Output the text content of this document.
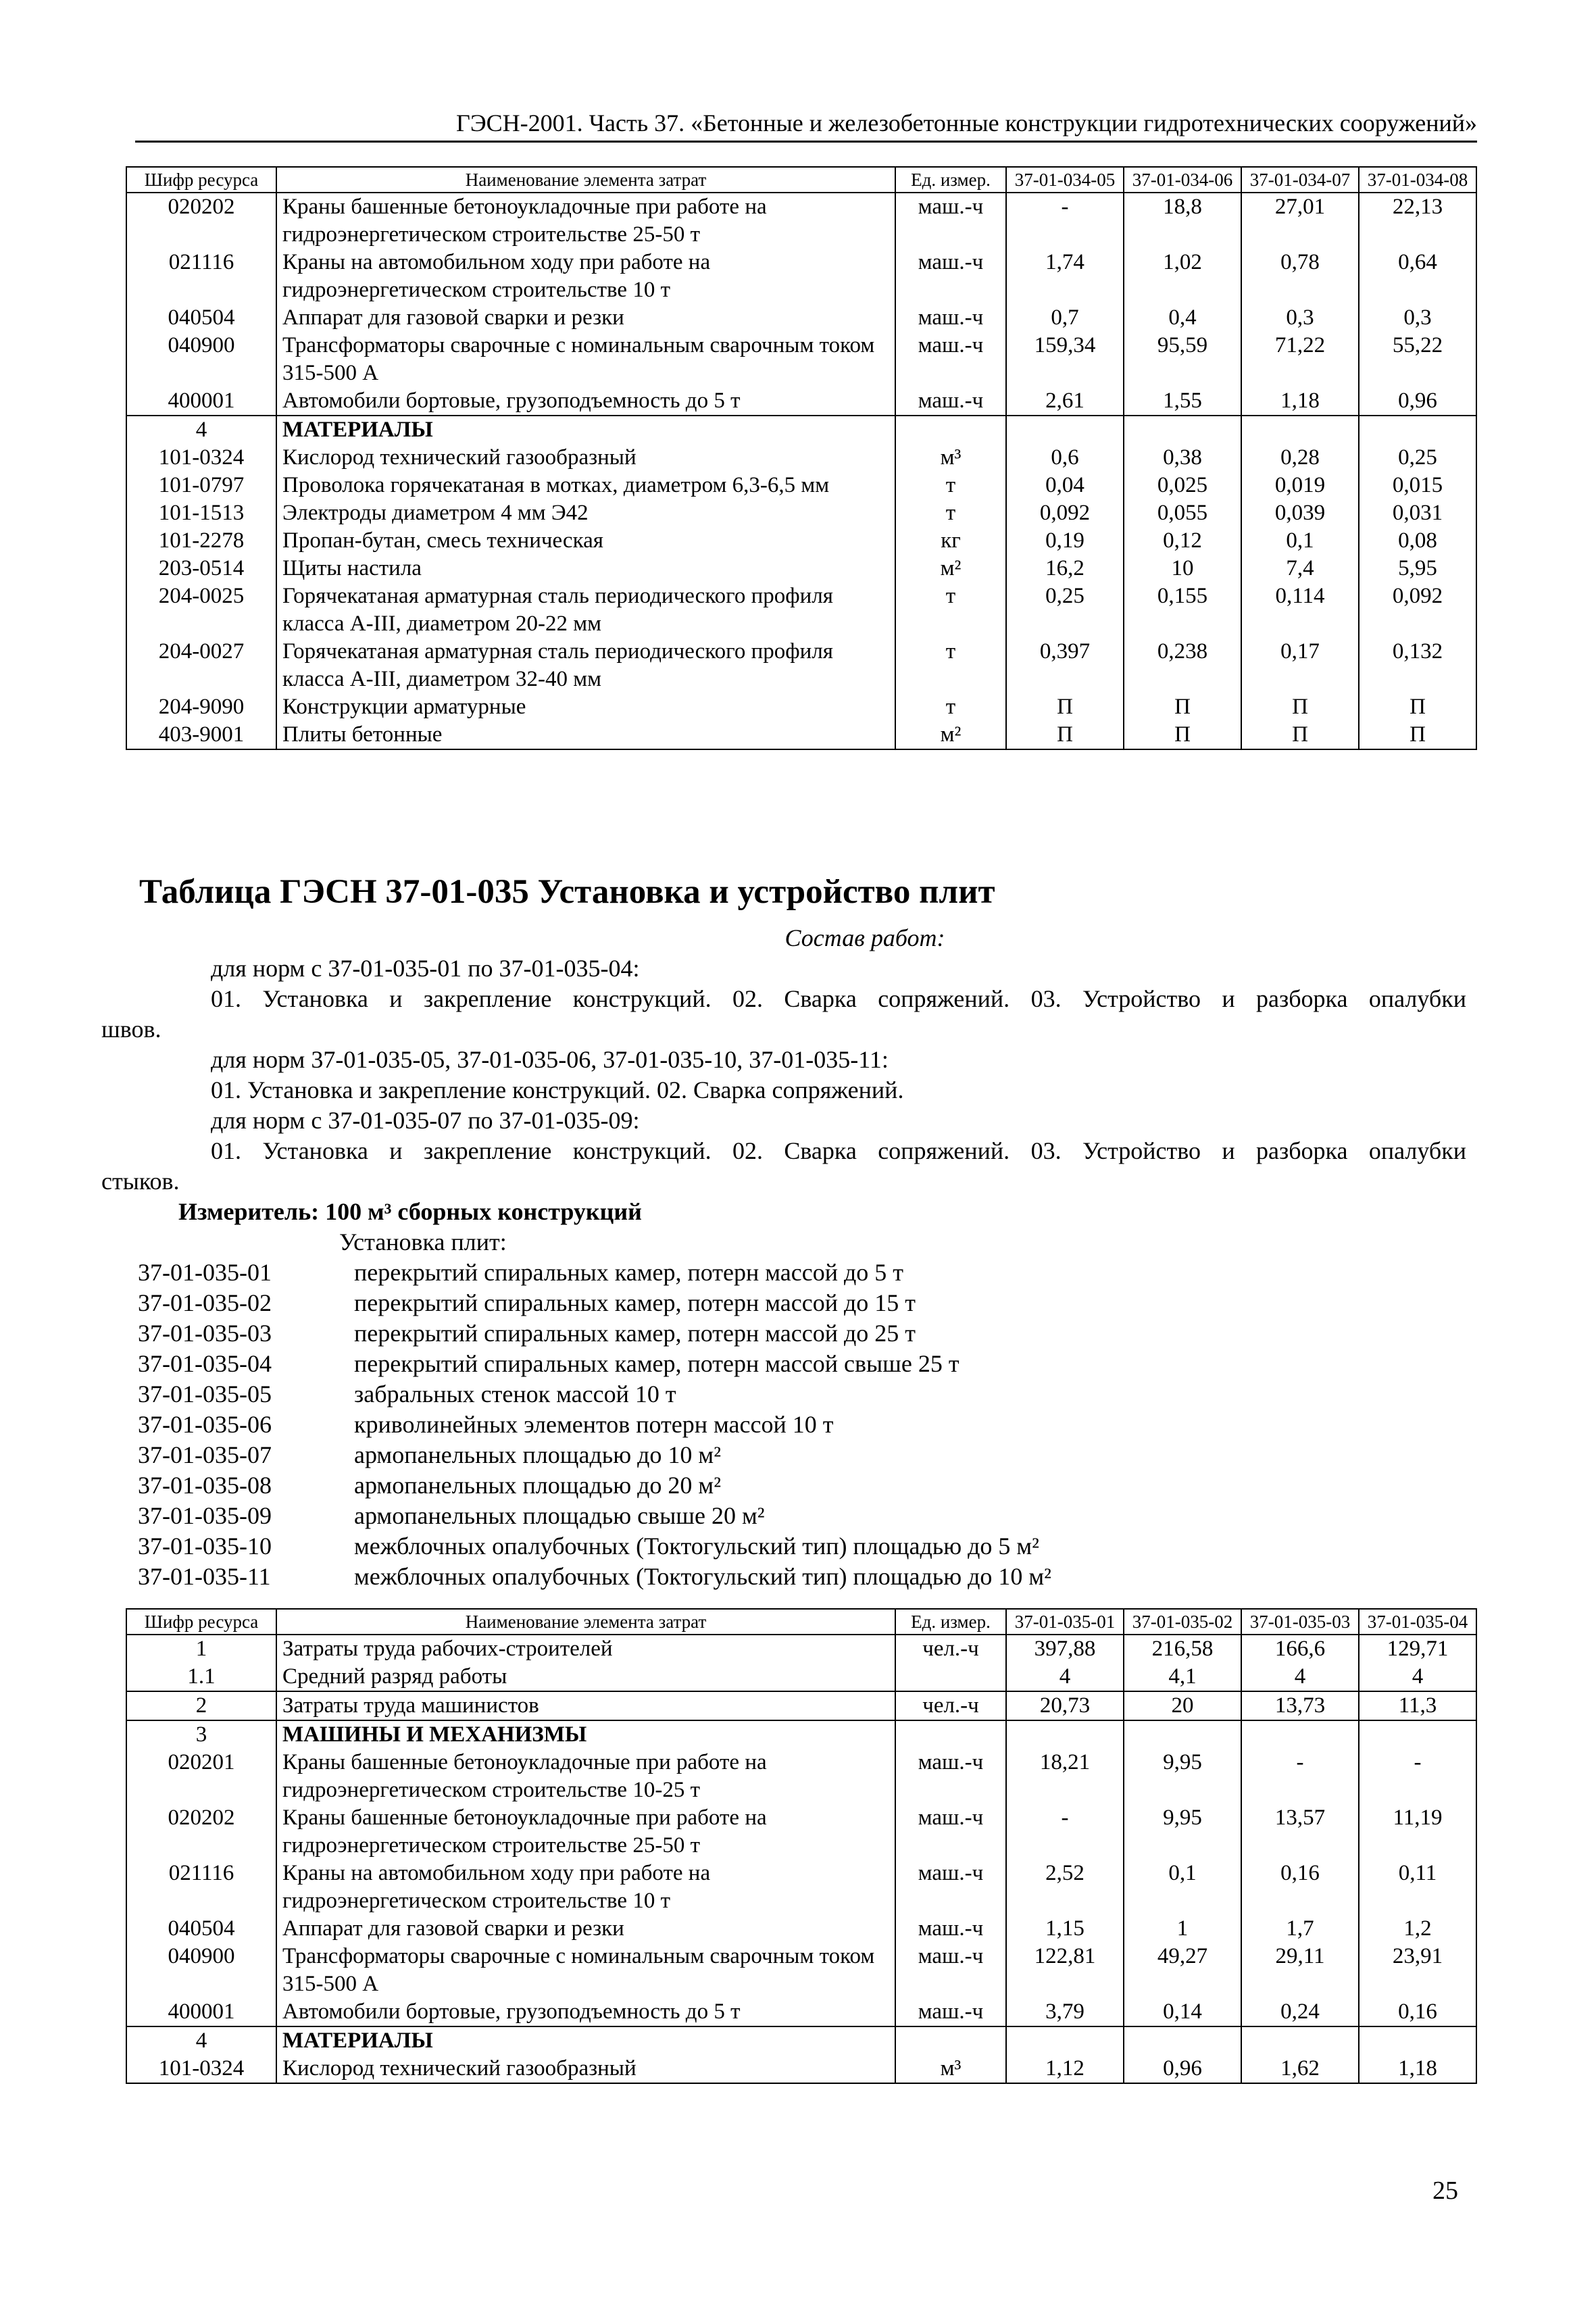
ГЭСН-2001. Часть 37. «Бетонные и железобетонные конструкции гидротехнических сооружений»
Шифр ресурса	Наименование элемента затрат	Ед. измер.	37-01-034-05	37-01-034-06	37-01-034-07	37-01-034-08
020202	Краны башенные бетоноукладочные при работе на гидроэнергетическом строительстве 25-50 т	маш.-ч	-	18,8	27,01	22,13
021116	Краны на автомобильном ходу при работе на гидроэнергетическом строительстве 10 т	маш.-ч	1,74	1,02	0,78	0,64
040504	Аппарат для газовой сварки и резки	маш.-ч	0,7	0,4	0,3	0,3
040900	Трансформаторы сварочные с номинальным сварочным током 315-500 А	маш.-ч	159,34	95,59	71,22	55,22
400001	Автомобили бортовые, грузоподъемность до 5 т	маш.-ч	2,61	1,55	1,18	0,96
4	МАТЕРИАЛЫ					
101-0324	Кислород технический газообразный	м³	0,6	0,38	0,28	0,25
101-0797	Проволока горячекатаная в мотках, диаметром 6,3-6,5 мм	т	0,04	0,025	0,019	0,015
101-1513	Электроды диаметром 4 мм Э42	т	0,092	0,055	0,039	0,031
101-2278	Пропан-бутан, смесь техническая	кг	0,19	0,12	0,1	0,08
203-0514	Щиты настила	м²	16,2	10	7,4	5,95
204-0025	Горячекатаная арматурная сталь периодического профиля класса А-III, диаметром 20-22 мм	т	0,25	0,155	0,114	0,092
204-0027	Горячекатаная арматурная сталь периодического профиля класса А-III, диаметром 32-40 мм	т	0,397	0,238	0,17	0,132
204-9090	Конструкции арматурные	т	П	П	П	П
403-9001	Плиты бетонные	м²	П	П	П	П
Таблица ГЭСН 37-01-035 Установка и устройство плит

Состав работ:

для норм с 37-01-035-01 по 37-01-035-04:

01. Установка и закрепление конструкций. 02. Сварка сопряжений. 03. Устройство и разборка опалубки

швов.

для норм 37-01-035-05, 37-01-035-06, 37-01-035-10, 37-01-035-11:

01. Установка и закрепление конструкций. 02. Сварка сопряжений.

для норм с 37-01-035-07 по 37-01-035-09:

01. Установка и закрепление конструкций. 02. Сварка сопряжений. 03. Устройство и разборка опалубки

стыков.

Измеритель: 100 м³ сборных конструкций

Установка плит:

37-01-035-01	перекрытий спиральных камер, потерн массой до 5 т
37-01-035-02	перекрытий спиральных камер, потерн массой до 15 т
37-01-035-03	перекрытий спиральных камер, потерн массой до 25 т
37-01-035-04	перекрытий спиральных камер, потерн массой свыше 25 т
37-01-035-05	забральных стенок массой 10 т
37-01-035-06	криволинейных элементов потерн массой 10 т
37-01-035-07	армопанельных площадью до 10 м²
37-01-035-08	армопанельных площадью до 20 м²
37-01-035-09	армопанельных площадью свыше 20 м²
37-01-035-10	межблочных опалубочных (Токтогульский тип) площадью до 5 м²
37-01-035-11	межблочных опалубочных (Токтогульский тип) площадью до 10 м²
Шифр ресурса	Наименование элемента затрат	Ед. измер.	37-01-035-01	37-01-035-02	37-01-035-03	37-01-035-04
1	Затраты труда рабочих-строителей	чел.-ч	397,88	216,58	166,6	129,71
1.1	Средний разряд работы		4	4,1	4	4
2	Затраты труда машинистов	чел.-ч	20,73	20	13,73	11,3
3	МАШИНЫ И МЕХАНИЗМЫ					
020201	Краны башенные бетоноукладочные при работе на гидроэнергетическом строительстве 10-25 т	маш.-ч	18,21	9,95	-	-
020202	Краны башенные бетоноукладочные при работе на гидроэнергетическом строительстве 25-50 т	маш.-ч	-	9,95	13,57	11,19
021116	Краны на автомобильном ходу при работе на гидроэнергетическом строительстве 10 т	маш.-ч	2,52	0,1	0,16	0,11
040504	Аппарат для газовой сварки и резки	маш.-ч	1,15	1	1,7	1,2
040900	Трансформаторы сварочные с номинальным сварочным током 315-500 А	маш.-ч	122,81	49,27	29,11	23,91
400001	Автомобили бортовые, грузоподъемность до 5 т	маш.-ч	3,79	0,14	0,24	0,16
4	МАТЕРИАЛЫ					
101-0324	Кислород технический газообразный	м³	1,12	0,96	1,62	1,18
25
